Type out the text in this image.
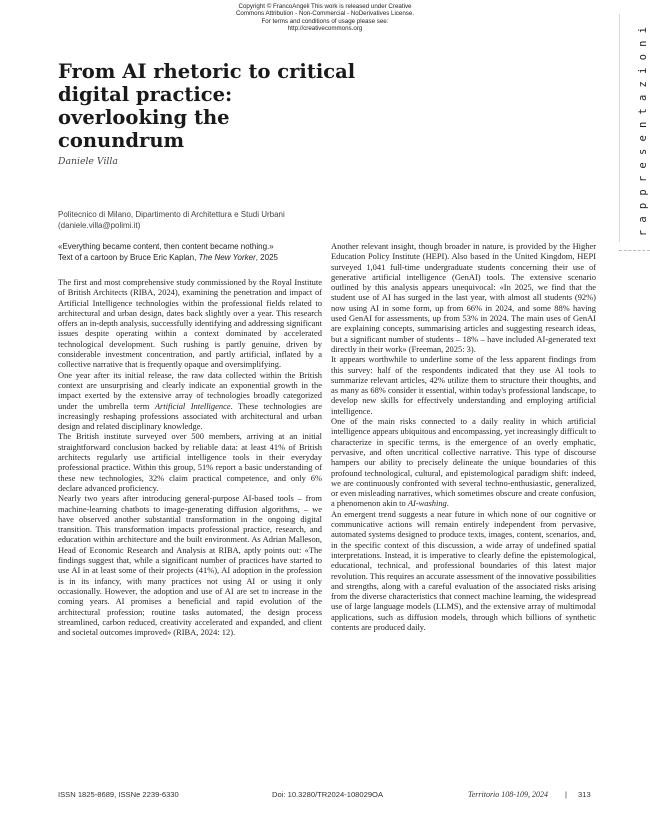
Copyright © FrancoAngeli This work is released under Creative
Commons Attribution - Non-Commercial - NoDerivatives License.
For terms and conditions of usage please see:
http://creativecommons.org	rappresentazioni
From AI rhetoric to critical digital practice: overlooking the conundrum
Daniele Villa
Politecnico di Milano, Dipartimento di Architettura e Studi Urbani
(daniele.villa@polimi.it)
«Everything became content, then content became nothing.»
Text of a cartoon by Bruce Eric Kaplan, The New Yorker, 2025

The first and most comprehensive study commissioned by the Royal Institute of British Architects (RIBA, 2024), examining the penetration and impact of Artificial Intelligence technologies within the professional fields related to architectural and urban design, dates back slightly over a year. This research offers an in-depth analysis, successfully identifying and addressing significant issues despite operating within a context dominated by accelerated technological development. Such rushing is partly genuine, driven by considerable investment concentration, and partly artificial, inflated by a collective narrative that is frequently opaque and oversimplifying.

One year after its initial release, the raw data collected within the British context are unsurprising and clearly indicate an exponential growth in the impact exerted by the extensive array of technologies broadly categorized under the umbrella term Artificial Intelligence. These technologies are increasingly reshaping professions associated with architectural and urban design and related disciplinary knowledge.

The British institute surveyed over 500 members, arriving at an initial straightforward conclusion backed by reliable data: at least 41% of British architects regularly use artificial intelligence tools in their everyday professional practice. Within this group, 51% report a basic understanding of these new technologies, 32% claim practical competence, and only 6% declare advanced proficiency.

Nearly two years after introducing general-purpose AI-based tools – from machine-learning chatbots to image-generating diffusion algorithms, – we have observed another substantial transformation in the ongoing digital transition. This transformation impacts professional practice, research, and education within architecture and the built environment. As Adrian Malleson, Head of Economic Research and Analysis at RIBA, aptly points out: «The findings suggest that, while a significant number of practices have started to use AI in at least some of their projects (41%), AI adoption in the profession is in its infancy, with many practices not using AI or using it only occasionally. However, the adoption and use of AI are set to increase in the coming years. AI promises a beneficial and rapid evolution of the architectural profession; routine tasks automated, the design process streamlined, carbon reduced, creativity accelerated and expanded, and client and societal outcomes improved» (RIBA, 2024: 12).

Another relevant insight, though broader in nature, is provided by the Higher Education Policy Institute (HEPI). Also based in the United Kingdom, HEPI surveyed 1,041 full-time undergraduate students concerning their use of generative artificial intelligence (GenAI) tools. The extensive scenario outlined by this analysis appears unequivocal: «In 2025, we find that the student use of AI has surged in the last year, with almost all students (92%) now using AI in some form, up from 66% in 2024, and some 88% having used GenAI for assessments, up from 53% in 2024. The main uses of GenAI are explaining concepts, summarising articles and suggesting research ideas, but a significant number of students – 18% – have included AI-generated text directly in their work» (Freeman, 2025: 3).

It appears worthwhile to underline some of the less apparent findings from this survey: half of the respondents indicated that they use AI tools to summarize relevant articles, 42% utilize them to structure their thoughts, and as many as 68% consider it essential, within today's professional landscape, to develop new skills for effectively understanding and employing artificial intelligence.

One of the main risks connected to a daily reality in which artificial intelligence appears ubiquitous and encompassing, yet increasingly difficult to characterize in specific terms, is the emergence of an overly emphatic, pervasive, and often uncritical collective narrative. This type of discourse hampers our ability to precisely delineate the unique boundaries of this profound technological, cultural, and epistemological paradigm shift: indeed, we are continuously confronted with several techno-enthusiastic, generalized, or even misleading narratives, which sometimes obscure and create confusion, a phenomenon akin to AI-washing.

An emergent trend suggests a near future in which none of our cognitive or communicative actions will remain entirely independent from pervasive, automated systems designed to produce texts, images, content, scenarios, and, in the specific context of this discussion, a wide array of undefined spatial interpretations. Instead, it is imperative to clearly define the epistemological, educational, technical, and professional boundaries of this latest major revolution. This requires an accurate assessment of the innovative possibilities and strengths, along with a careful evaluation of the associated risks arising from the diverse characteristics that connect machine learning, the widespread use of large language models (LLMS), and the extensive array of multimodal applications, such as diffusion models, through which billions of synthetic contents are produced daily.

ISSN 1825-8689, ISSNe 2239-6330	Doi: 10.3280/TR2024-108029OA	Territorio 108-109, 2024 | 313
